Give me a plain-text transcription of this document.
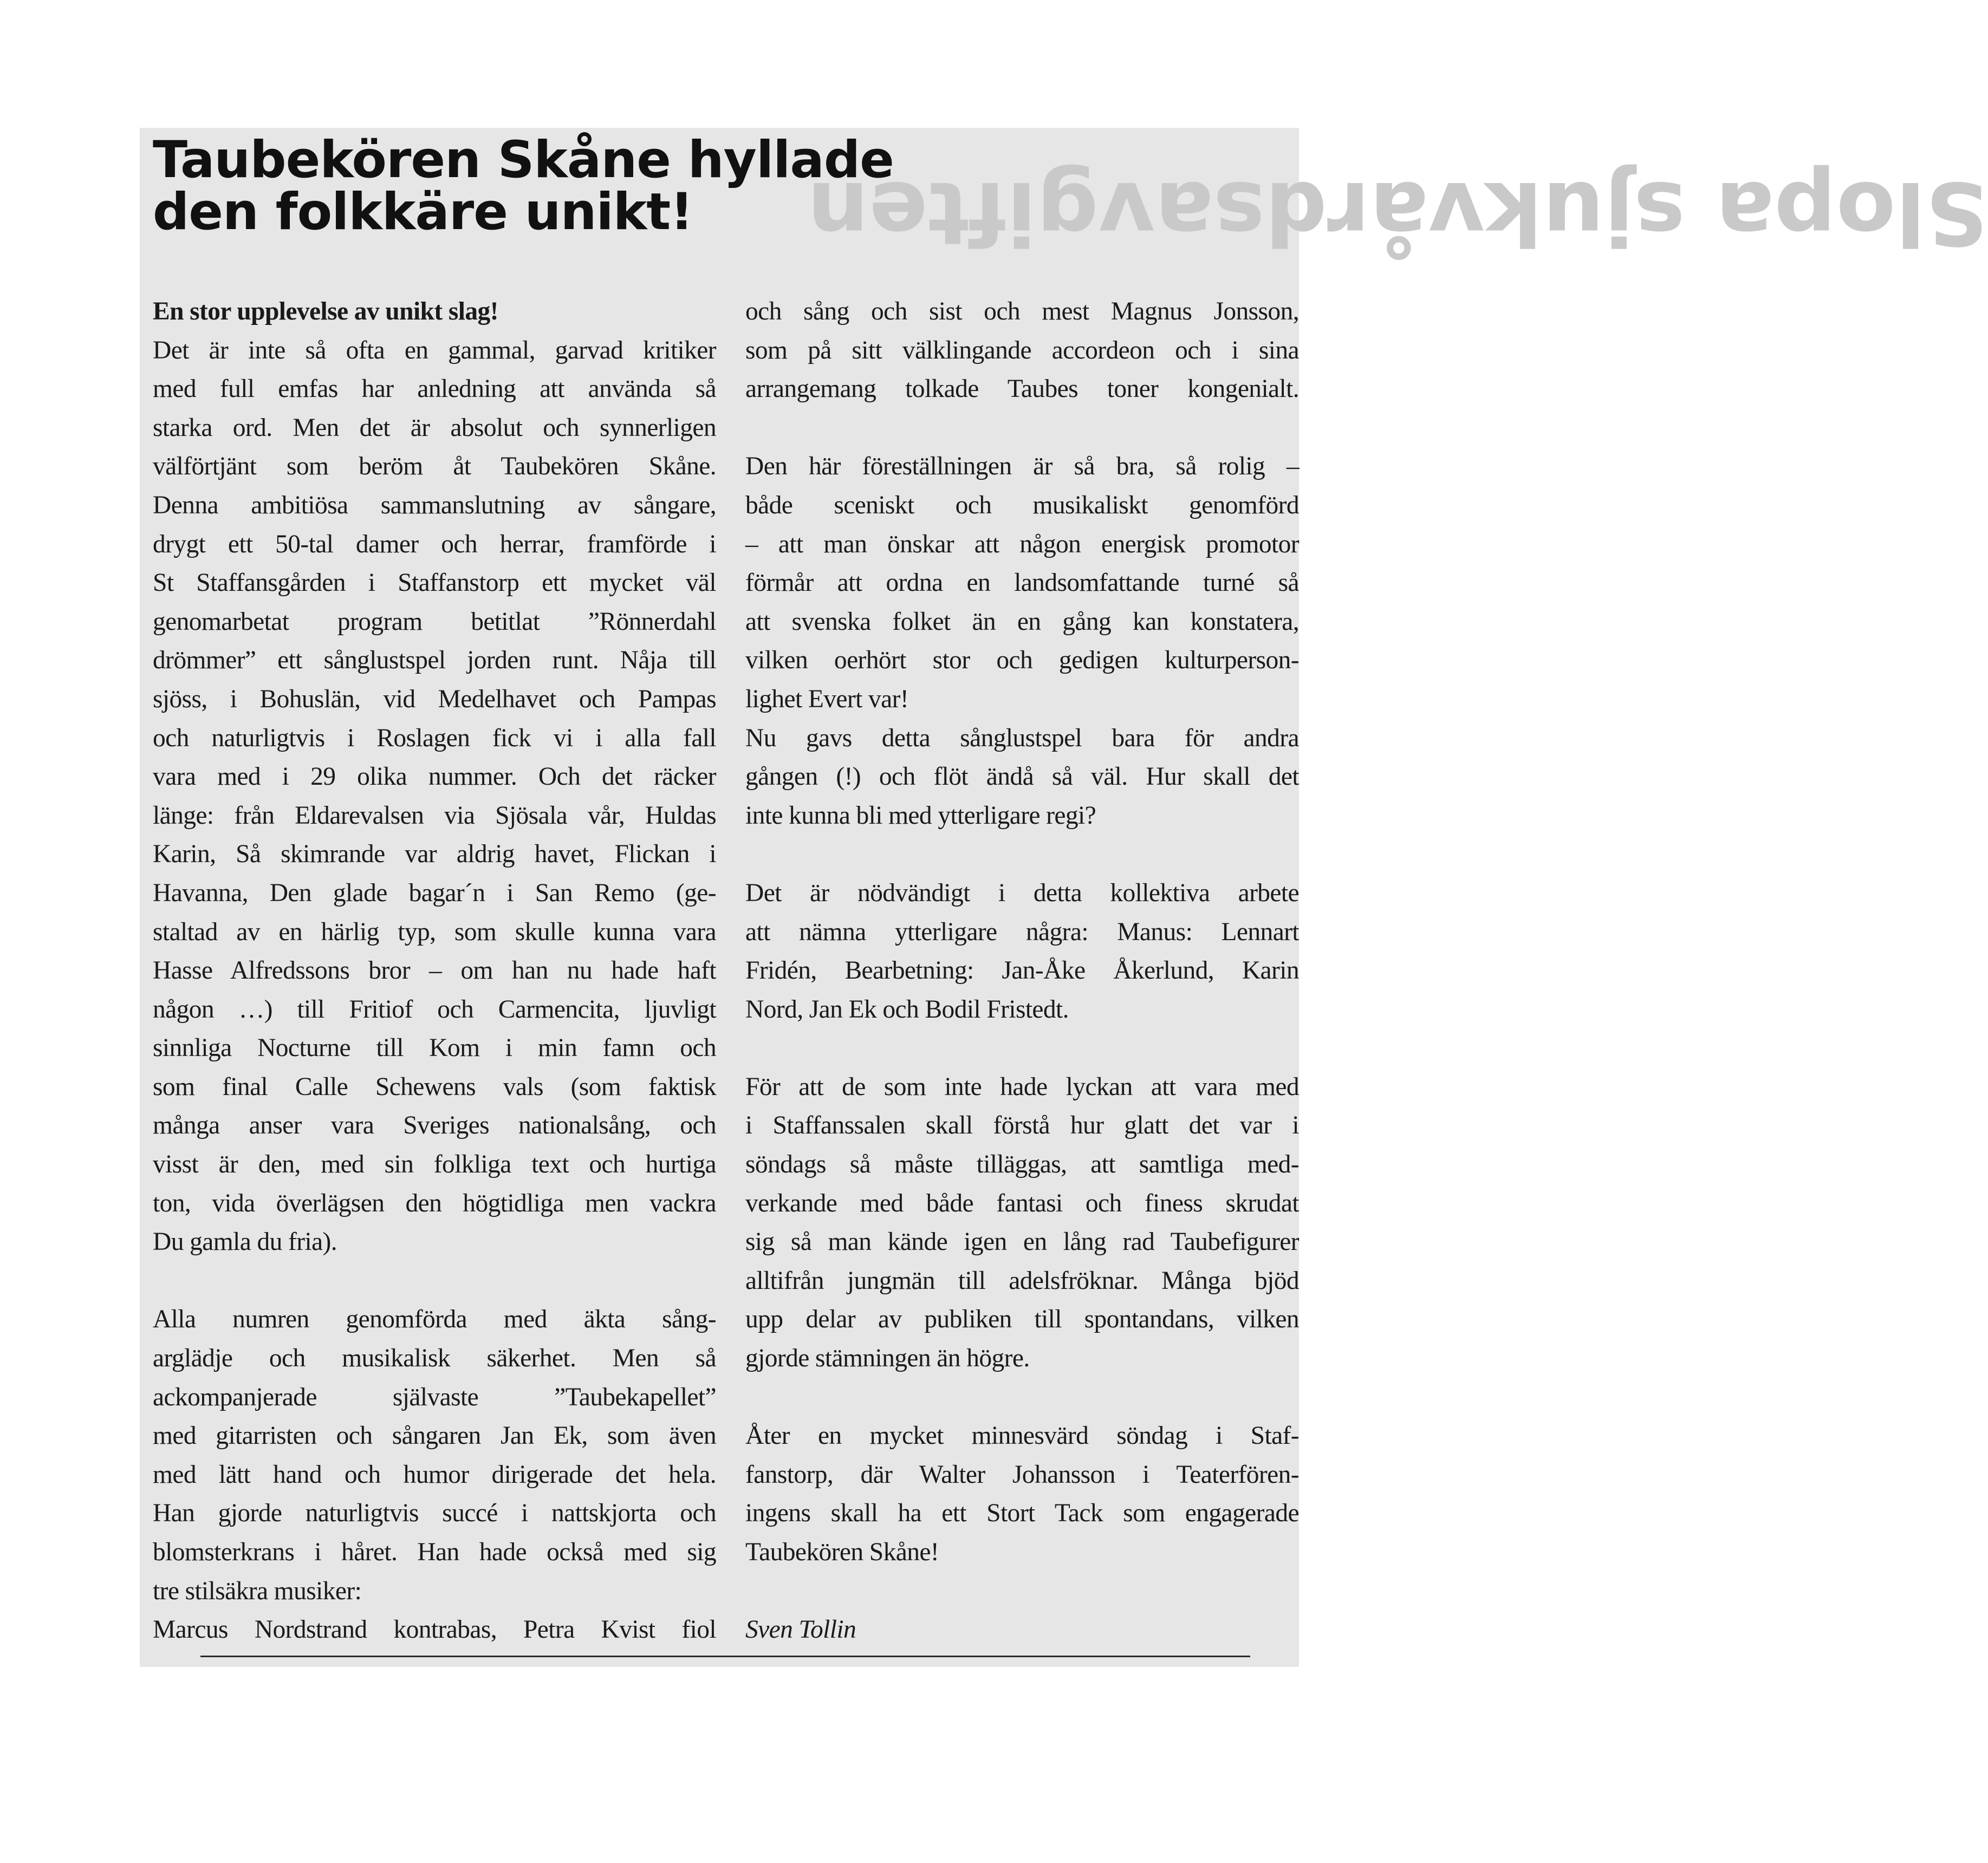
Slopa sjukvårdsavgiften
Taubekören Skåne hyllade
den folkkäre unikt!
En stor upplevelse av unikt slag!
Det är inte så ofta en gammal, garvad kritiker
med full emfas har anledning att använda så
starka ord. Men det är absolut och synnerligen
välförtjänt som beröm åt Taubekören Skåne.
Denna ambitiösa sammanslutning av sångare,
drygt ett 50-tal damer och herrar, framförde i
St Staffansgården i Staffanstorp ett mycket väl
genomarbetat program betitlat ”Rönnerdahl
drömmer” ett sånglustspel jorden runt. Nåja till
sjöss, i Bohuslän, vid Medelhavet och Pampas
och naturligtvis i Roslagen fick vi i alla fall
vara med i 29 olika nummer. Och det räcker
länge: från Eldarevalsen via Sjösala vår, Huldas
Karin, Så skimrande var aldrig havet, Flickan i
Havanna, Den glade bagar´n i San Remo (ge-
staltad av en härlig typ, som skulle kunna vara
Hasse Alfredssons bror – om han nu hade haft
någon …) till Fritiof och Carmencita, ljuvligt
sinnliga Nocturne till Kom i min famn och
som final Calle Schewens vals (som faktisk
många anser vara Sveriges nationalsång, och
visst är den, med sin folkliga text och hurtiga
ton, vida överlägsen den högtidliga men vackra
Du gamla du fria).
Alla numren genomförda med äkta sång-
arglädje och musikalisk säkerhet. Men så
ackompanjerade självaste ”Taubekapellet”
med gitarristen och sångaren Jan Ek, som även
med lätt hand och humor dirigerade det hela.
Han gjorde naturligtvis succé i nattskjorta och
blomsterkrans i håret. Han hade också med sig
tre stilsäkra musiker:
Marcus Nordstrand kontrabas, Petra Kvist fiol
och sång och sist och mest Magnus Jonsson,
som på sitt välklingande accordeon och i sina
arrangemang tolkade Taubes toner kongenialt.
Den här föreställningen är så bra, så rolig –
både sceniskt och musikaliskt genomförd
– att man önskar att någon energisk promotor
förmår att ordna en landsomfattande turné så
att svenska folket än en gång kan konstatera,
vilken oerhört stor och gedigen kulturperson-
lighet Evert var!
Nu gavs detta sånglustspel bara för andra
gången (!) och flöt ändå så väl. Hur skall det
inte kunna bli med ytterligare regi?
Det är nödvändigt i detta kollektiva arbete
att nämna ytterligare några: Manus: Lennart
Fridén, Bearbetning: Jan-Åke Åkerlund, Karin
Nord, Jan Ek och Bodil Fristedt.
För att de som inte hade lyckan att vara med
i Staffanssalen skall förstå hur glatt det var i
söndags så måste tilläggas, att samtliga med-
verkande med både fantasi och finess skrudat
sig så man kände igen en lång rad Taubefigurer
alltifrån jungmän till adelsfröknar. Många bjöd
upp delar av publiken till spontandans, vilken
gjorde stämningen än högre.
Åter en mycket minnesvärd söndag i Staf-
fanstorp, där Walter Johansson i Teaterfören-
ingens skall ha ett Stort Tack som engagerade
Taubekören Skåne!
Sven Tollin
